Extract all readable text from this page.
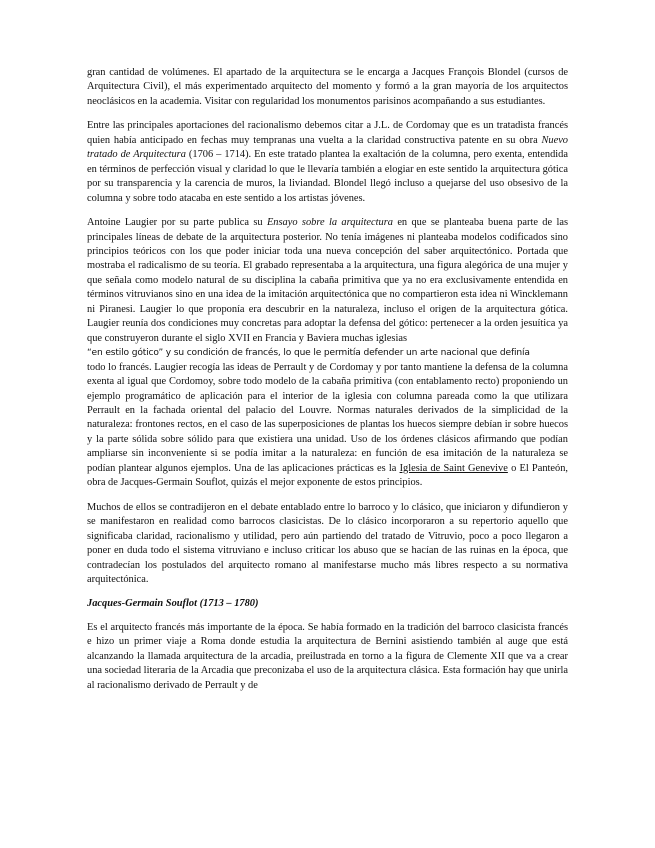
gran cantidad de volúmenes. El apartado de la arquitectura se le encarga a Jacques François Blondel (cursos de Arquitectura Civil), el más experimentado arquitecto del momento y formó a la gran mayoría de los arquitectos neoclásicos en la academia. Visitar con regularidad los monumentos parisinos acompañando a sus estudiantes.

Entre las principales aportaciones del racionalismo debemos citar a J.L. de Cordomay que es un tratadista francés quien había anticipado en fechas muy tempranas una vuelta a la claridad constructiva patente en su obra Nuevo tratado de Arquitectura (1706 – 1714). En este tratado plantea la exaltación de la columna, pero exenta, entendida en términos de perfección visual y claridad lo que le llevaría también a elogiar en este sentido la arquitectura gótica por su transparencia y la carencia de muros, la liviandad. Blondel llegó incluso a quejarse del uso obsesivo de la columna y sobre todo atacaba en este sentido a los artistas jóvenes.

Antoine Laugier por su parte publica su Ensayo sobre la arquitectura en que se planteaba buena parte de las principales líneas de debate de la arquitectura posterior. No tenía imágenes ni planteaba modelos codificados sino principios teóricos con los que poder iniciar toda una nueva concepción del saber arquitectónico. Portada que mostraba el radicalismo de su teoría. El grabado representaba a la arquitectura, una figura alegórica de una mujer y que señala como modelo natural de su disciplina la cabaña primitiva que ya no era exclusivamente entendida en términos vitruvianos sino en una idea de la imitación arquitectónica que no compartieron esta idea ni Wincklemann ni Piranesi. Laugier lo que proponía era descubrir en la naturaleza, incluso el origen de la arquitectura gótica. Laugier reunía dos condiciones muy concretas para adoptar la defensa del gótico: pertenecer a la orden jesuítica ya que construyeron durante el siglo XVII en Francia y Baviera muchas iglesias
“en estilo gótico” y su condición de francés, lo que le permitía defender un arte nacional que definía
todo lo francés. Laugier recogía las ideas de Perrault y de Cordomay y por tanto mantiene la defensa de la columna exenta al igual que Cordomoy, sobre todo modelo de la cabaña primitiva (con entablamento recto) proponiendo un ejemplo programático de aplicación para el interior de la iglesia con columna pareada como la que utilizara Perrault en la fachada oriental del palacio del Louvre. Normas naturales derivados de la simplicidad de la naturaleza: frontones rectos, en el caso de las superposiciones de plantas los huecos siempre debían ir sobre huecos y la parte sólida sobre sólido para que existiera una unidad. Uso de los órdenes clásicos afirmando que podían ampliarse sin inconveniente si se podía imitar a la naturaleza: en función de esa imitación de la naturaleza se podían plantear algunos ejemplos. Una de las aplicaciones prácticas es la Iglesia de Saint Genevive o El Panteón, obra de Jacques-Germain Souflot, quizás el mejor exponente de estos principios.

Muchos de ellos se contradijeron en el debate entablado entre lo barroco y lo clásico, que iniciaron y difundieron y se manifestaron en realidad como barrocos clasicistas. De lo clásico incorporaron a su repertorio aquello que significaba claridad, racionalismo y utilidad, pero aún partiendo del tratado de Vitruvio, poco a poco llegaron a poner en duda todo el sistema vitruviano e incluso criticar los abuso que se hacían de las ruinas en la época, que contradecían los postulados del arquitecto romano al manifestarse mucho más libres respecto a su normativa arquitectónica.

Jacques-Germain Souflot (1713 – 1780)

Es el arquitecto francés más importante de la época. Se había formado en la tradición del barroco clasicista francés e hizo un primer viaje a Roma donde estudia la arquitectura de Bernini asistiendo también al auge que está alcanzando la llamada arquitectura de la arcadia, preilustrada en torno a la figura de Clemente XII que va a crear una sociedad literaria de la Arcadia que preconizaba el uso de la arquitectura clásica. Esta formación hay que unirla al racionalismo derivado de Perrault y de
